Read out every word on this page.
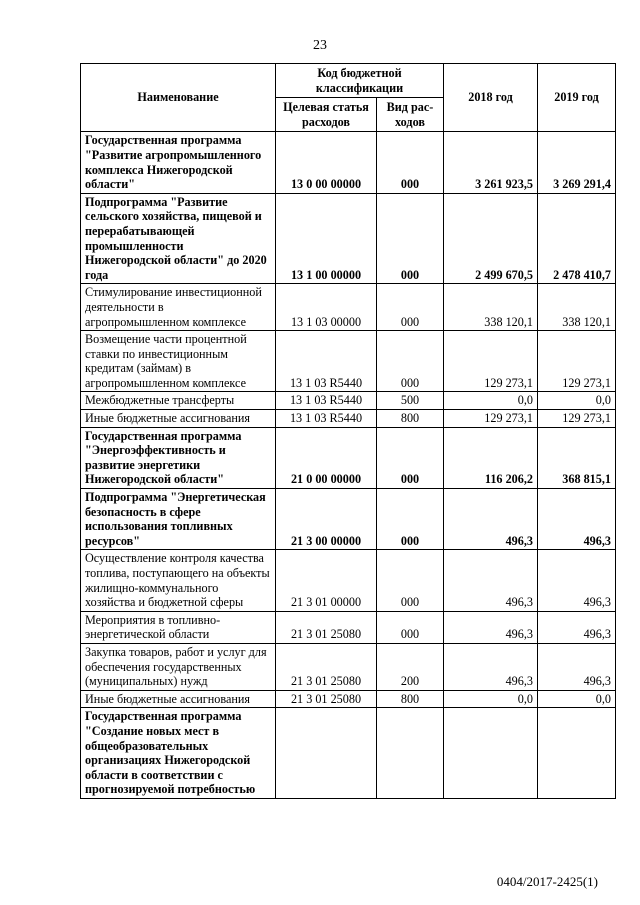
23
Наименование	Код бюджетной классификации		2018 год	2019 год
	Целевая статья расходов	Вид рас-ходов		
Государственная программа "Развитие агропромышленного комплекса Нижегородской области"	13 0 00 00000	000	3 261 923,5	3 269 291,4
Подпрограмма "Развитие сельского хозяйства, пищевой и перерабатывающей промышленности Нижегородской области" до 2020 года	13 1 00 00000	000	2 499 670,5	2 478 410,7
Стимулирование инвестиционной деятельности в агропромышленном комплексе	13 1 03 00000	000	338 120,1	338 120,1
Возмещение части процентной ставки по инвестиционным кредитам (займам) в агропромышленном комплексе	13 1 03 R5440	000	129 273,1	129 273,1
Межбюджетные трансферты	13 1 03 R5440	500	0,0	0,0
Иные бюджетные ассигнования	13 1 03 R5440	800	129 273,1	129 273,1
Государственная программа "Энергоэффективность и развитие энергетики Нижегородской области"	21 0 00 00000	000	116 206,2	368 815,1
Подпрограмма "Энергетическая безопасность в сфере использования топливных ресурсов"	21 3 00 00000	000	496,3	496,3
Осуществление контроля качества топлива, поступающего на объекты жилищно-коммунального хозяйства и бюджетной сферы	21 3 01 00000	000	496,3	496,3
Мероприятия в топливно-энергетической области	21 3 01 25080	000	496,3	496,3
Закупка товаров, работ и услуг для обеспечения государственных (муниципальных) нужд	21 3 01 25080	200	496,3	496,3
Иные бюджетные ассигнования	21 3 01 25080	800	0,0	0,0
Государственная программа "Создание новых мест в общеобразовательных организациях Нижегородской области в соответствии с прогнозируемой потребностью				
0404/2017-2425(1)
